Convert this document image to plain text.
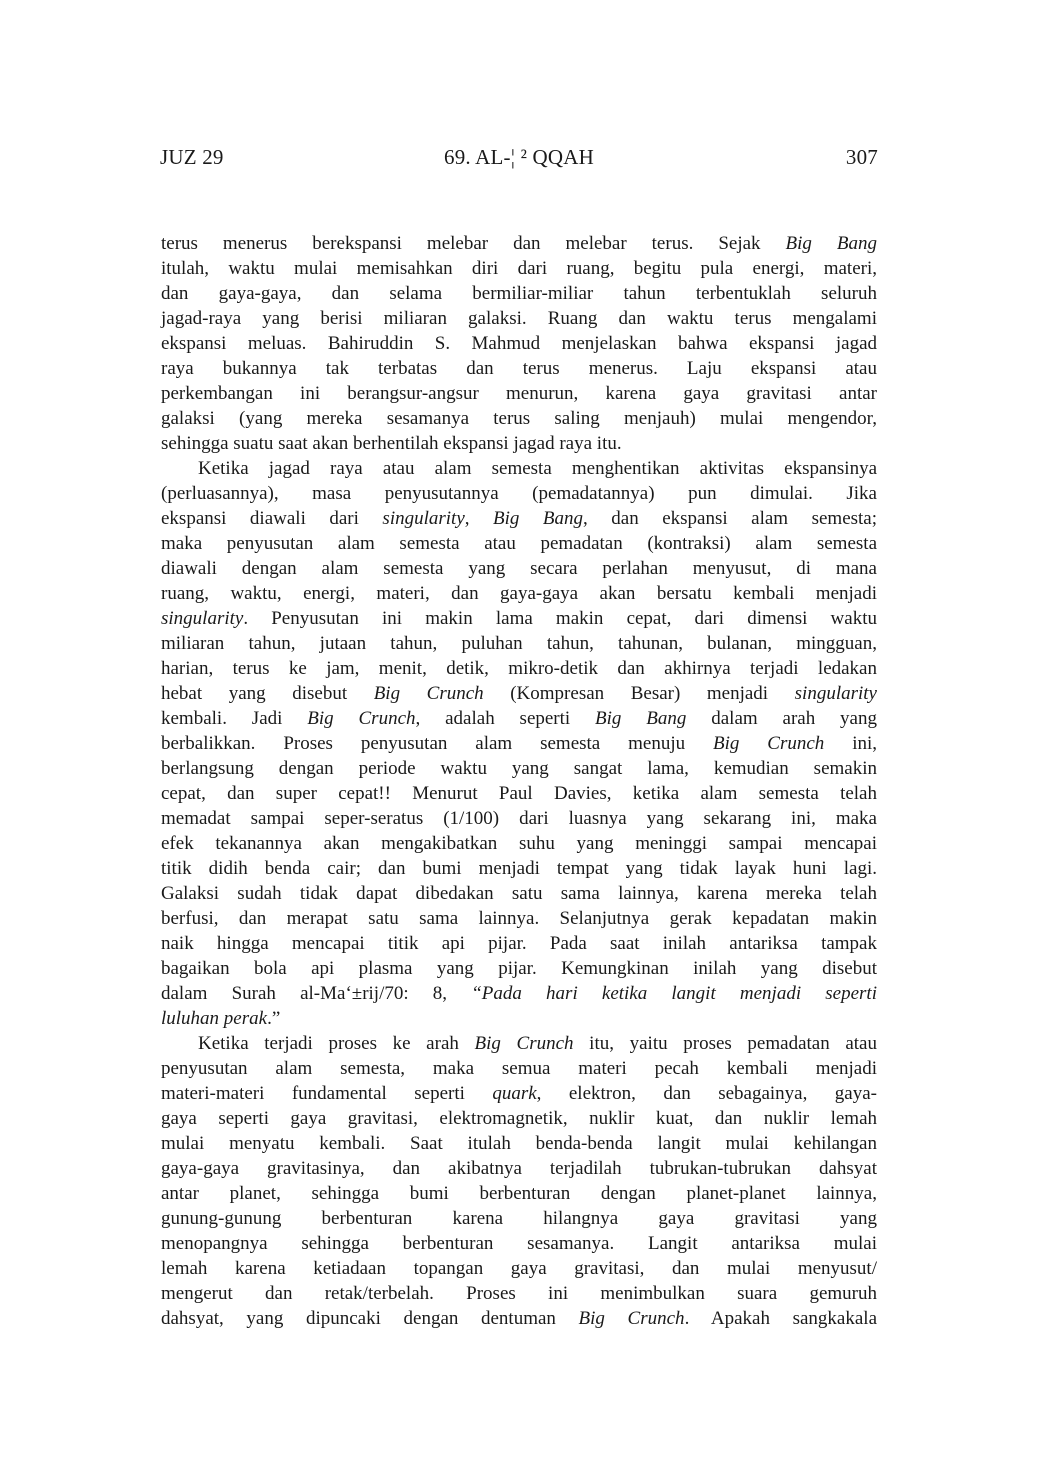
JUZ 29	69. AL-¦ ² QQAH	307
terus menerus berekspansi melebar dan melebar terus. Sejak Big Bang
itulah, waktu mulai memisahkan diri dari ruang, begitu pula energi, materi,
dan gaya-gaya, dan selama bermiliar-miliar tahun terbentuklah seluruh
jagad-raya yang berisi miliaran galaksi. Ruang dan waktu terus mengalami
ekspansi meluas. Bahiruddin S. Mahmud menjelaskan bahwa ekspansi jagad
raya bukannya tak terbatas dan terus menerus. Laju ekspansi atau
perkembangan ini berangsur-angsur menurun, karena gaya gravitasi antar
galaksi (yang mereka sesamanya terus saling menjauh) mulai mengendor,
sehingga suatu saat akan berhentilah ekspansi jagad raya itu.
Ketika jagad raya atau alam semesta menghentikan aktivitas ekspansinya
(perluasannya), masa penyusutannya (pemadatannya) pun dimulai. Jika
ekspansi diawali dari singularity, Big Bang, dan ekspansi alam semesta;
maka penyusutan alam semesta atau pemadatan (kontraksi) alam semesta
diawali dengan alam semesta yang secara perlahan menyusut, di mana
ruang, waktu, energi, materi, dan gaya-gaya akan bersatu kembali menjadi
singularity. Penyusutan ini makin lama makin cepat, dari dimensi waktu
miliaran tahun, jutaan tahun, puluhan tahun, tahunan, bulanan, mingguan,
harian, terus ke jam, menit, detik, mikro-detik dan akhirnya terjadi ledakan
hebat yang disebut Big Crunch (Kompresan Besar) menjadi singularity
kembali. Jadi Big Crunch, adalah seperti Big Bang dalam arah yang
berbalikkan. Proses penyusutan alam semesta menuju Big Crunch ini,
berlangsung dengan periode waktu yang sangat lama, kemudian semakin
cepat, dan super cepat!! Menurut Paul Davies, ketika alam semesta telah
memadat sampai seper-seratus (1/100) dari luasnya yang sekarang ini, maka
efek tekanannya akan mengakibatkan suhu yang meninggi sampai mencapai
titik didih benda cair; dan bumi menjadi tempat yang tidak layak huni lagi.
Galaksi sudah tidak dapat dibedakan satu sama lainnya, karena mereka telah
berfusi, dan merapat satu sama lainnya. Selanjutnya gerak kepadatan makin
naik hingga mencapai titik api pijar. Pada saat inilah antariksa tampak
bagaikan bola api plasma yang pijar. Kemungkinan inilah yang disebut
dalam Surah al-Ma‘±rij/70: 8, “Pada hari ketika langit menjadi seperti
luluhan perak.”
Ketika terjadi proses ke arah Big Crunch itu, yaitu proses pemadatan atau
penyusutan alam semesta, maka semua materi pecah kembali menjadi
materi-materi fundamental seperti quark, elektron, dan sebagainya, gaya-
gaya seperti gaya gravitasi, elektromagnetik, nuklir kuat, dan nuklir lemah
mulai menyatu kembali. Saat itulah benda-benda langit mulai kehilangan
gaya-gaya gravitasinya, dan akibatnya terjadilah tubrukan-tubrukan dahsyat
antar planet, sehingga bumi berbenturan dengan planet-planet lainnya,
gunung-gunung berbenturan karena hilangnya gaya gravitasi yang
menopangnya sehingga berbenturan sesamanya. Langit antariksa mulai
lemah karena ketiadaan topangan gaya gravitasi, dan mulai menyusut/
mengerut dan retak/terbelah. Proses ini menimbulkan suara gemuruh
dahsyat, yang dipuncaki dengan dentuman Big Crunch. Apakah sangkakala
